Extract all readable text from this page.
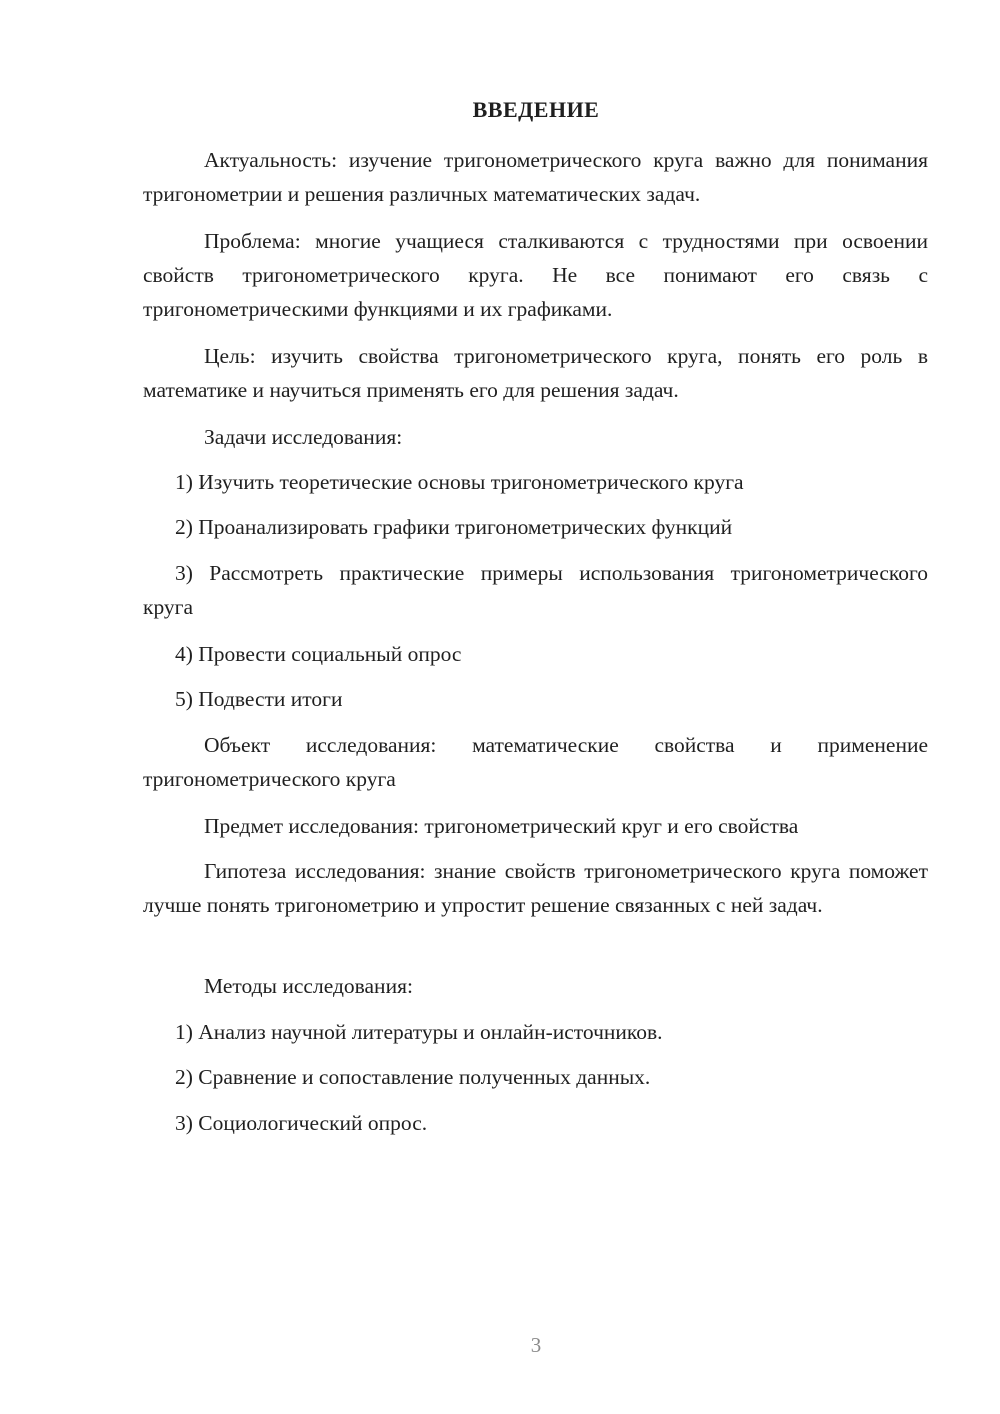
ВВЕДЕНИЕ

Актуальность: изучение тригонометрического круга важно для понимания тригонометрии и решения различных математических задач.

Проблема: многие учащиеся сталкиваются с трудностями при освоении свойств тригонометрического круга. Не все понимают его связь с тригонометрическими функциями и их графиками.

Цель: изучить свойства тригонометрического круга, понять его роль в математике и научиться применять его для решения задач.

Задачи исследования:

1) Изучить теоретические основы тригонометрического круга

2) Проанализировать графики тригонометрических функций

3) Рассмотреть практические примеры использования тригонометрического круга

4) Провести социальный опрос

5) Подвести итоги

Объект исследования: математические свойства и применение тригонометрического круга

Предмет исследования: тригонометрический круг и его свойства

Гипотеза исследования: знание свойств тригонометрического круга поможет лучше понять тригонометрию и упростит решение связанных с ней задач.

Методы исследования:

1) Анализ научной литературы и онлайн-источников.

2) Сравнение и сопоставление полученных данных.

3) Социологический опрос.

3
